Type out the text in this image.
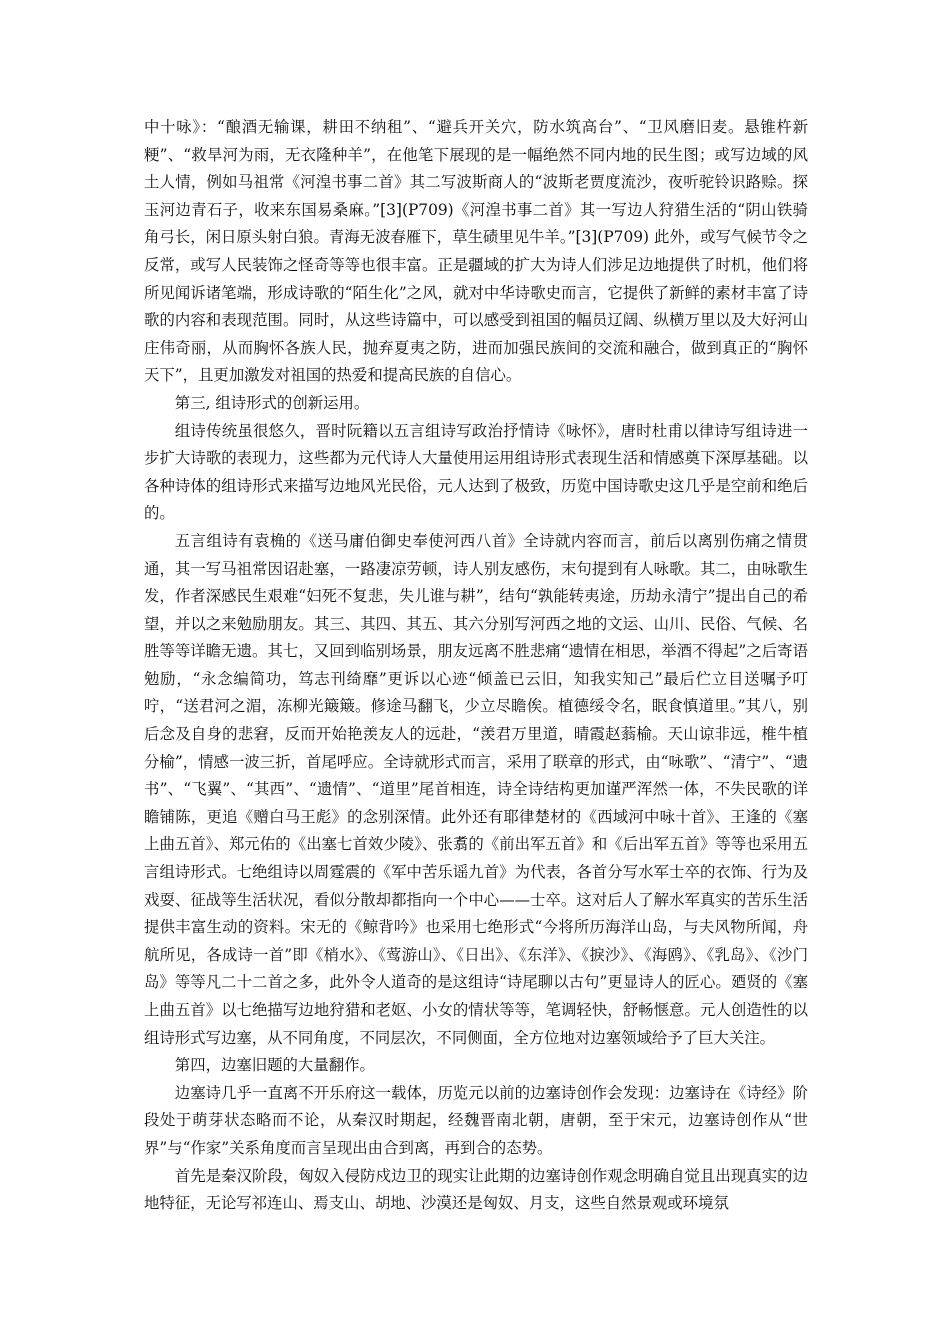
中十咏》：“酿酒无输课，耕田不纳租”、“避兵开关穴，防水筑高台”、“卫风磨旧麦。悬锥杵新粳”、“救旱河为雨，无衣隆种羊”，在他笔下展现的是一幅绝然不同内地的民生图；或写边域的风土人情，例如马祖常《河湟书事二首》其二写波斯商人的“波斯老贾度流沙，夜听驼铃识路赊。探玉河边青石子，收来东国易桑麻。”[3](P709)《河湟书事二首》其一写边人狩猎生活的“阴山铁骑角弓长，闲日原头射白狼。青海无波春雁下，草生碛里见牛羊。”[3](P709) 此外，或写气候节令之反常，或写人民装饰之怪奇等等也很丰富。正是疆域的扩大为诗人们涉足边地提供了时机，他们将所见闻诉诸笔端，形成诗歌的“陌生化”之风，就对中华诗歌史而言，它提供了新鲜的素材丰富了诗歌的内容和表现范围。同时，从这些诗篇中，可以感受到祖国的幅员辽阔、纵横万里以及大好河山庄伟奇丽，从而胸怀各族人民，抛弃夏夷之防，进而加强民族间的交流和融合，做到真正的“胸怀天下”，且更加激发对祖国的热爱和提高民族的自信心。

第三, 组诗形式的创新运用。

组诗传统虽很悠久，晋时阮籍以五言组诗写政治抒情诗《咏怀》，唐时杜甫以律诗写组诗进一步扩大诗歌的表现力，这些都为元代诗人大量使用运用组诗形式表现生活和情感奠下深厚基础。以各种诗体的组诗形式来描写边地风光民俗，元人达到了极致，历览中国诗歌史这几乎是空前和绝后的。

五言组诗有袁桷的《送马庸伯御史奉使河西八首》全诗就内容而言，前后以离别伤痛之情贯通，其一写马祖常因诏赴塞，一路凄凉劳顿，诗人别友感伤，末句提到有人咏歌。其二，由咏歌生发，作者深感民生艰难“妇死不复悲，失儿谁与耕”，结句“孰能转夷途，历劫永清宁”提出自己的希望，并以之来勉励朋友。其三、其四、其五、其六分别写河西之地的文运、山川、民俗、气候、名胜等等详瞻无遗。其七，又回到临别场景，朋友远离不胜悲痛“遗情在相思，举酒不得起”之后寄语勉励，“永念编简功，笃志刊绮靡”更诉以心迹“倾盖已云旧，知我实知己”最后伫立目送嘱予叮咛，“送君河之湄，冻柳光簸簸。修途马翻飞，少立尽瞻俟。植德绥令名，眠食慎道里。”其八，别后念及自身的悲窘，反而开始艳羡友人的远赴，“羡君万里道，晴霞赵蓊榆。天山谅非远，椎牛植分榆”，情感一波三折，首尾呼应。全诗就形式而言，采用了联章的形式，由“咏歌”、“清宁”、“遗书”、“飞翼”、“其西”、“遗情”、“道里”尾首相连，诗全诗结构更加谨严浑然一体，不失民歌的详瞻铺陈，更追《赠白马王彪》的念别深情。此外还有耶律楚材的《西域河中咏十首》、王逢的《塞上曲五首》、郑元佑的《出塞七首效少陵》、张翥的《前出军五首》和《后出军五首》等等也采用五言组诗形式。七绝组诗以周霆震的《军中苦乐谣九首》为代表，各首分写水军士卒的衣饰、行为及戏耍、征战等生活状况，看似分散却都指向一个中心——士卒。这对后人了解水军真实的苦乐生活提供丰富生动的资料。宋无的《鲸背吟》也采用七绝形式“今将所历海洋山岛，与夫风物所闻，舟航所见，各成诗一首”即《梢水》、《莺游山》、《日出》、《东洋》、《捩沙》、《海鸥》、《乳岛》、《沙门岛》等等凡二十二首之多，此外令人道奇的是这组诗“诗尾聊以古句”更显诗人的匠心。廼贤的《塞上曲五首》以七绝描写边地狩猎和老妪、小女的情状等等，笔调轻快，舒畅惬意。元人创造性的以组诗形式写边塞，从不同角度，不同层次，不同侧面，全方位地对边塞领域给予了巨大关注。

第四，边塞旧题的大量翻作。

边塞诗几乎一直离不开乐府这一载体，历览元以前的边塞诗创作会发现：边塞诗在《诗经》阶段处于萌芽状态略而不论，从秦汉时期起，经魏晋南北朝，唐朝，至于宋元，边塞诗创作从“世界”与“作家”关系角度而言呈现出由合到离，再到合的态势。

首先是秦汉阶段，匈奴入侵防戍边卫的现实让此期的边塞诗创作观念明确自觉且出现真实的边地特征，无论写祁连山、焉支山、胡地、沙漠还是匈奴、月支，这些自然景观或环境氛
